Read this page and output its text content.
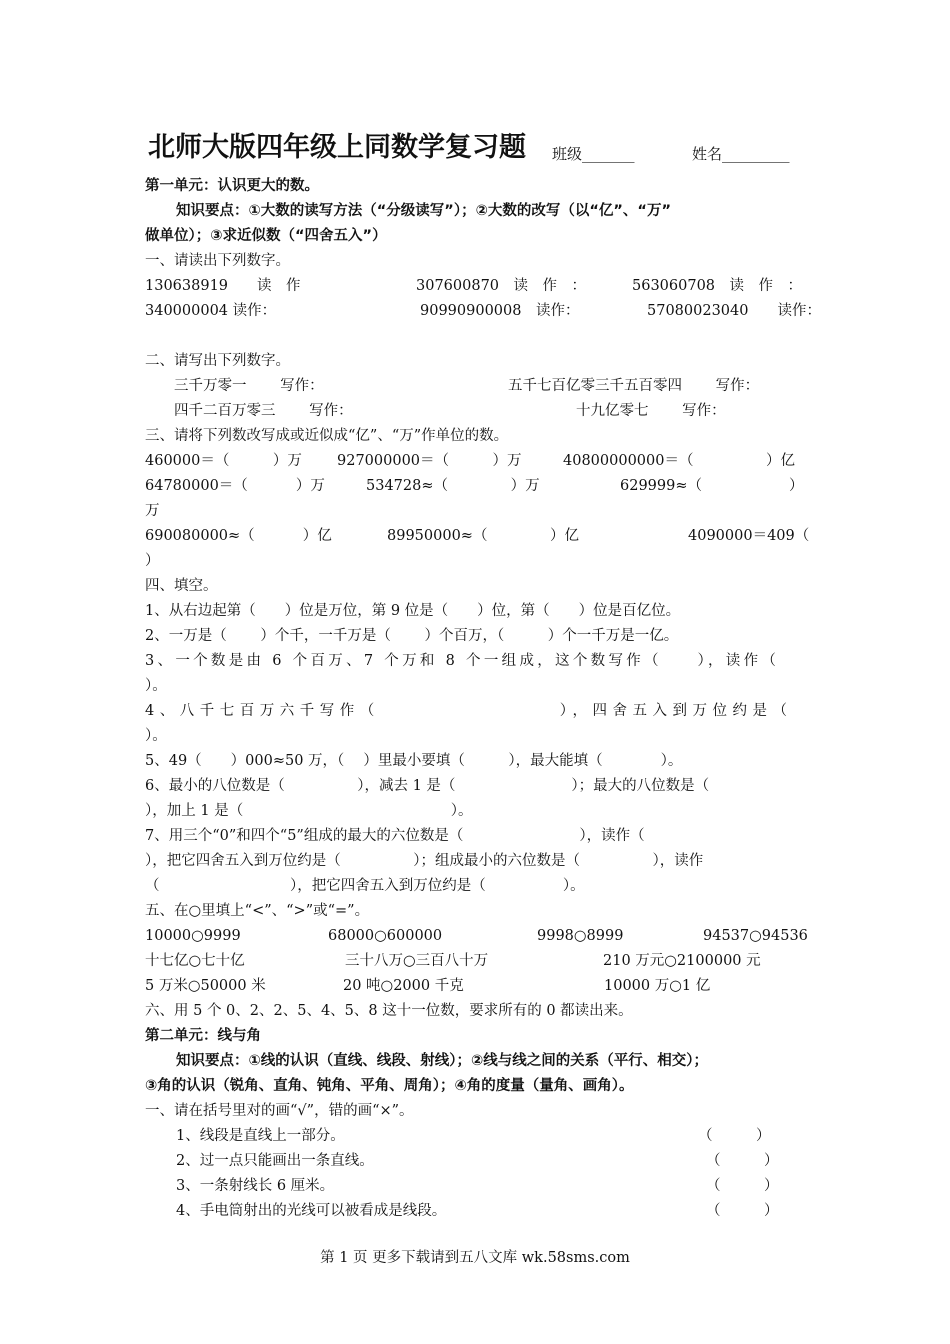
北师大版四年级上同数学复习题 班级_______	姓名_________
第一单元：认识更大的数。
知识要点：①大数的读写方法（“分级读写”）；②大数的改写（以“亿”、“万”
做单位）；③求近似数（“四舍五入”）
一、请读出下列数字。
130638919　　读　作	307600870　读　作　：	563060708　读　作　：
340000004 读作：	90990900008　读作：	57080023040　　读作：
二、请写出下列数字。
三千万零一　　 写作：	五千七百亿零三千五百零四　　 写作：
四千二百万零三　　 写作：	十九亿零七　　 写作：
三、请将下列数改写成或近似成“亿”、“万”作单位的数。
460000＝（　　　）万 927000000＝（　　　）万	40800000000＝（　　　　　）亿
64780000＝（　　　 ）万	534728≈（　　　　 ）万	629999≈（　　　　　　）
万
690080000≈（　　　 ）亿	89950000≈（　　　　 ）亿	4090000＝409（
）
四、填空。
1、从右边起第（　　）位是万位，第 9 位是（　　）位，第（　　）位是百亿位。
2、一万是（　　 ）个千，一千万是（　　 ）个百万，（　　　）个一千万是一亿。
3、一个数是由 6 个百万、7 个万和 8 个一组成，这个数写作（　　），读作（
）。
4、八千七百万六千写作（　　　　　　　　　），四舍五入到万位约是（
）。
5、49（　　）000≈50 万，（　 ）里最小要填（　　　），最大能填（　　　　）。
6、最小的八位数是（　　　　　），减去 1 是（　　　　　　　　）；最大的八位数是（
），加上 1 是（　　　　　　　　　　　　　　 ）。
7、用三个“0”和四个“5”组成的最大的六位数是（　　　　　　　　），读作（
），把它四舍五入到万位约是（　　　　　）；组成最小的六位数是（　　　　　），读作
（　　　　　　　　　），把它四舍五入到万位约是（　　　　　 ）。
五、在○里填上“<”、“>”或“=”。
10000○9999	68000○600000	9998○8999	94537○94536
十七亿○七十亿	三十八万○三百八十万	210 万元○2100000 元
5 万米○50000 米	20 吨○2000 千克	10000 万○1 亿
六、用 5 个 0、2、2、5、4、5、8 这十一位数，要求所有的 0 都读出来。
第二单元：线与角
知识要点：①线的认识（直线、线段、射线）；②线与线之间的关系（平行、相交）；
③角的认识（锐角、直角、钝角、平角、周角）；④角的度量（量角、画角）。
一、请在括号里对的画“√”，错的画“×”。
1、线段是直线上一部分。	（　　　）
2、过一点只能画出一条直线。	（　　　）
3、一条射线长 6 厘米。	（　　　）
4、手电筒射出的光线可以被看成是线段。	（　　　）
第 1 页 更多下载请到五八文库 wk.58sms.com
